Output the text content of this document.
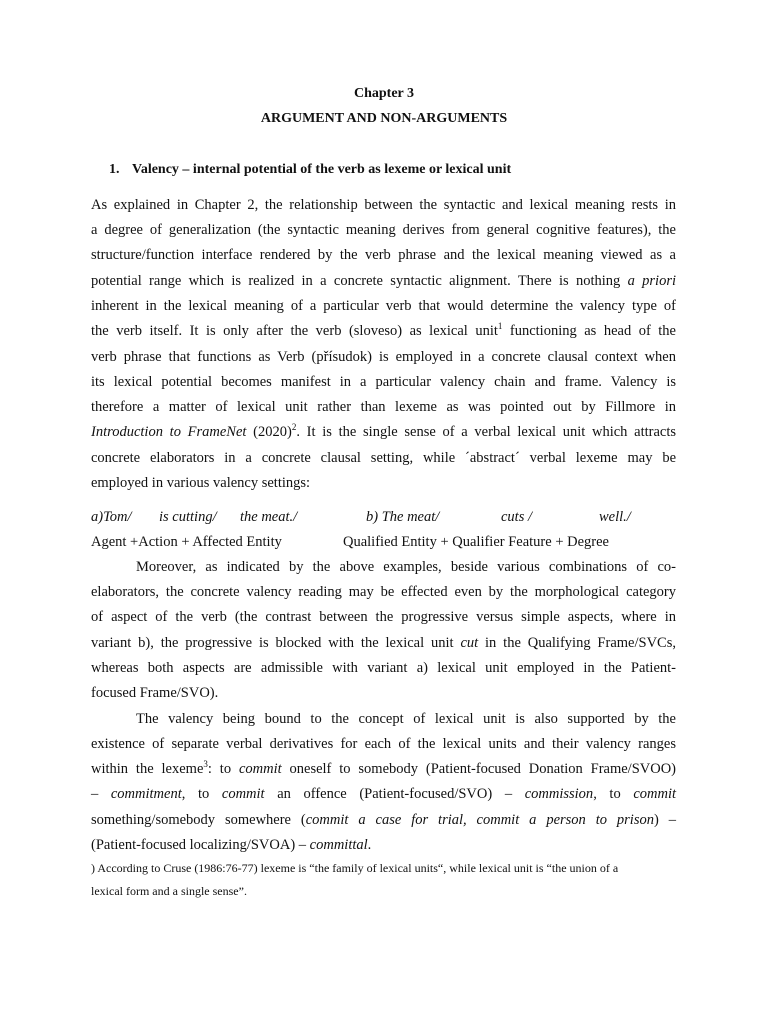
Chapter 3
ARGUMENT AND NON-ARGUMENTS
1. Valency – internal potential of the verb as lexeme or lexical unit
As explained in Chapter 2, the relationship between the syntactic and lexical meaning rests in
a degree of generalization (the syntactic meaning derives from general cognitive features), the
structure/function interface rendered by the verb phrase and the lexical meaning viewed as a
potential range which is realized in a concrete syntactic alignment. There is nothing a priori
inherent in the lexical meaning of a particular verb that would determine the valency type of
the verb itself. It is only after the verb (sloveso) as lexical unit$^1$ functioning as head of the
verb phrase that functions as Verb (přísudok) is employed in a concrete clausal context when
its lexical potential becomes manifest in a particular valency chain and frame. Valency is
therefore a matter of lexical unit rather than lexeme as was pointed out by Fillmore in
Introduction to FrameNet $(2020)^2$. It is the single sense of a verbal lexical unit which attracts
concrete elaborators in a concrete clausal setting, while ´abstract´ verbal lexeme may be
employed in various valency settings:
a)Tom/ is cutting/ the meat./	b) The meat/	cuts /	well./
Agent +Action + Affected Entity	Qualified Entity + Qualifier Feature + Degree
Moreover, as indicated by the above examples, beside various combinations of co-
elaborators, the concrete valency reading may be effected even by the morphological category
of aspect of the verb (the contrast between the progressive versus simple aspects, where in
variant b), the progressive is blocked with the lexical unit cut in the Qualifying Frame/SVCs,
whereas both aspects are admissible with variant a) lexical unit employed in the Patient-
focused Frame/SVO).
The valency being bound to the concept of lexical unit is also supported by the
existence of separate verbal derivatives for each of the lexical units and their valency ranges
within the lexeme$^3$: to commit oneself to somebody (Patient-focused Donation Frame/SVOO)
– commitment, to commit an offence (Patient-focused/SVO) – commission, to commit
something/somebody somewhere (commit a case for trial, commit a person to prison) –
(Patient-focused localizing/SVOA) – committal.
) According to Cruse (1986:76-77) lexeme is “the family of lexical units“, while lexical unit is “the union of a
lexical form and a single sense”.
